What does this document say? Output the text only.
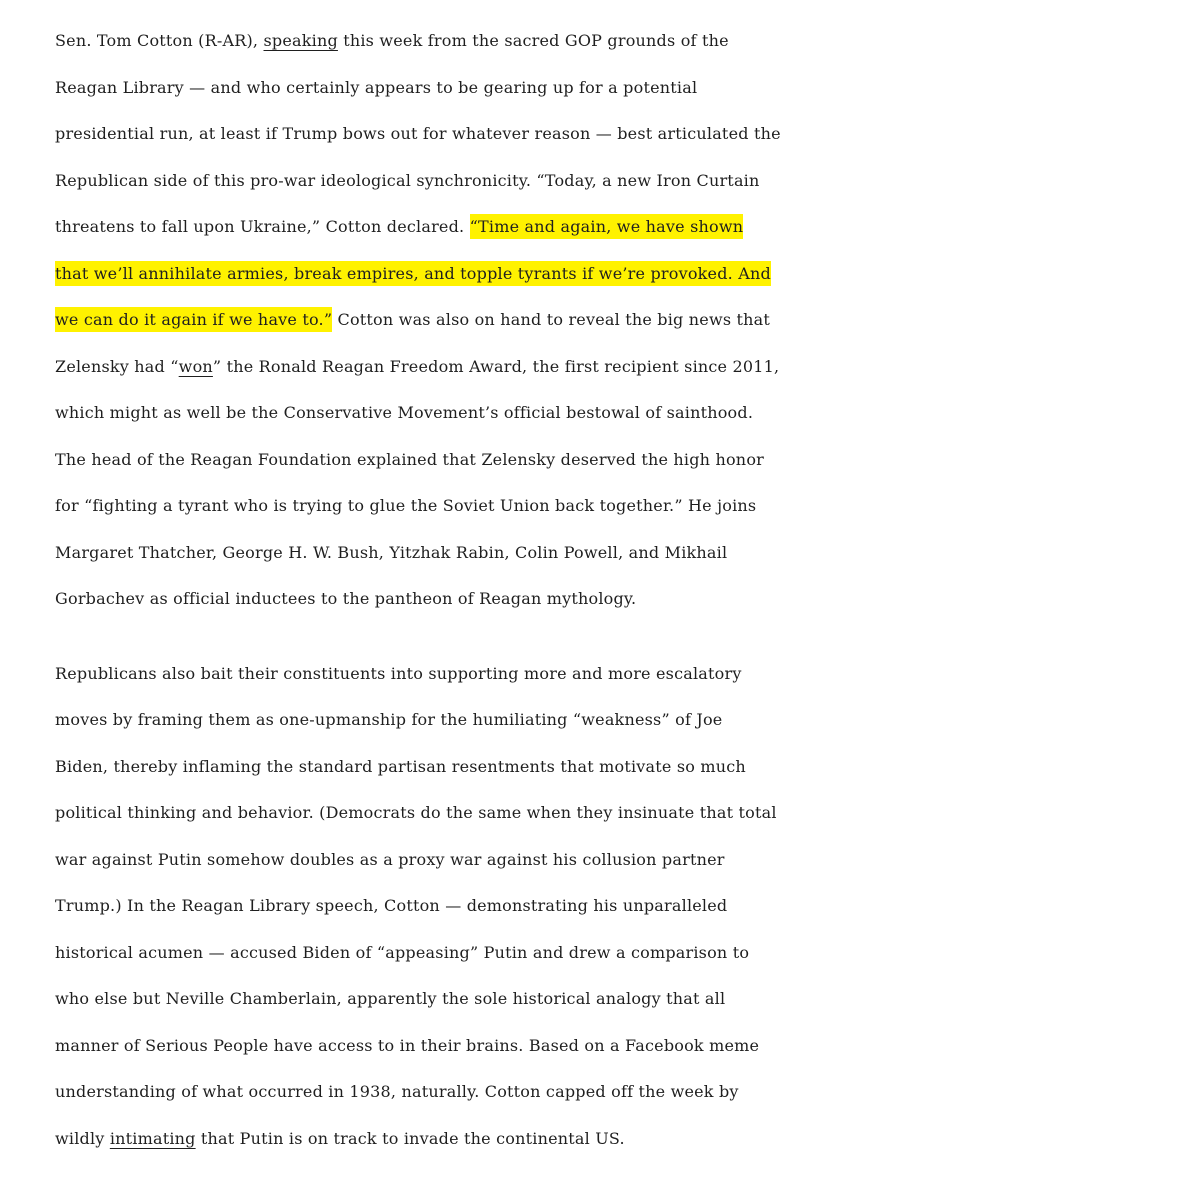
Sen. Tom Cotton (R-AR), speaking this week from the sacred GOP grounds of the
Reagan Library — and who certainly appears to be gearing up for a potential
presidential run, at least if Trump bows out for whatever reason — best articulated the
Republican side of this pro-war ideological synchronicity. “Today, a new Iron Curtain
threatens to fall upon Ukraine,” Cotton declared. “Time and again, we have shown
that we’ll annihilate armies, break empires, and topple tyrants if we’re provoked. And
we can do it again if we have to.” Cotton was also on hand to reveal the big news that
Zelensky had “won” the Ronald Reagan Freedom Award, the first recipient since 2011,
which might as well be the Conservative Movement’s official bestowal of sainthood.
The head of the Reagan Foundation explained that Zelensky deserved the high honor
for “fighting a tyrant who is trying to glue the Soviet Union back together.” He joins
Margaret Thatcher, George H. W. Bush, Yitzhak Rabin, Colin Powell, and Mikhail
Gorbachev as official inductees to the pantheon of Reagan mythology.
Republicans also bait their constituents into supporting more and more escalatory
moves by framing them as one-upmanship for the humiliating “weakness” of Joe
Biden, thereby inflaming the standard partisan resentments that motivate so much
political thinking and behavior. (Democrats do the same when they insinuate that total
war against Putin somehow doubles as a proxy war against his collusion partner
Trump.) In the Reagan Library speech, Cotton — demonstrating his unparalleled
historical acumen — accused Biden of “appeasing” Putin and drew a comparison to
who else but Neville Chamberlain, apparently the sole historical analogy that all
manner of Serious People have access to in their brains. Based on a Facebook meme
understanding of what occurred in 1938, naturally. Cotton capped off the week by
wildly intimating that Putin is on track to invade the continental US.
